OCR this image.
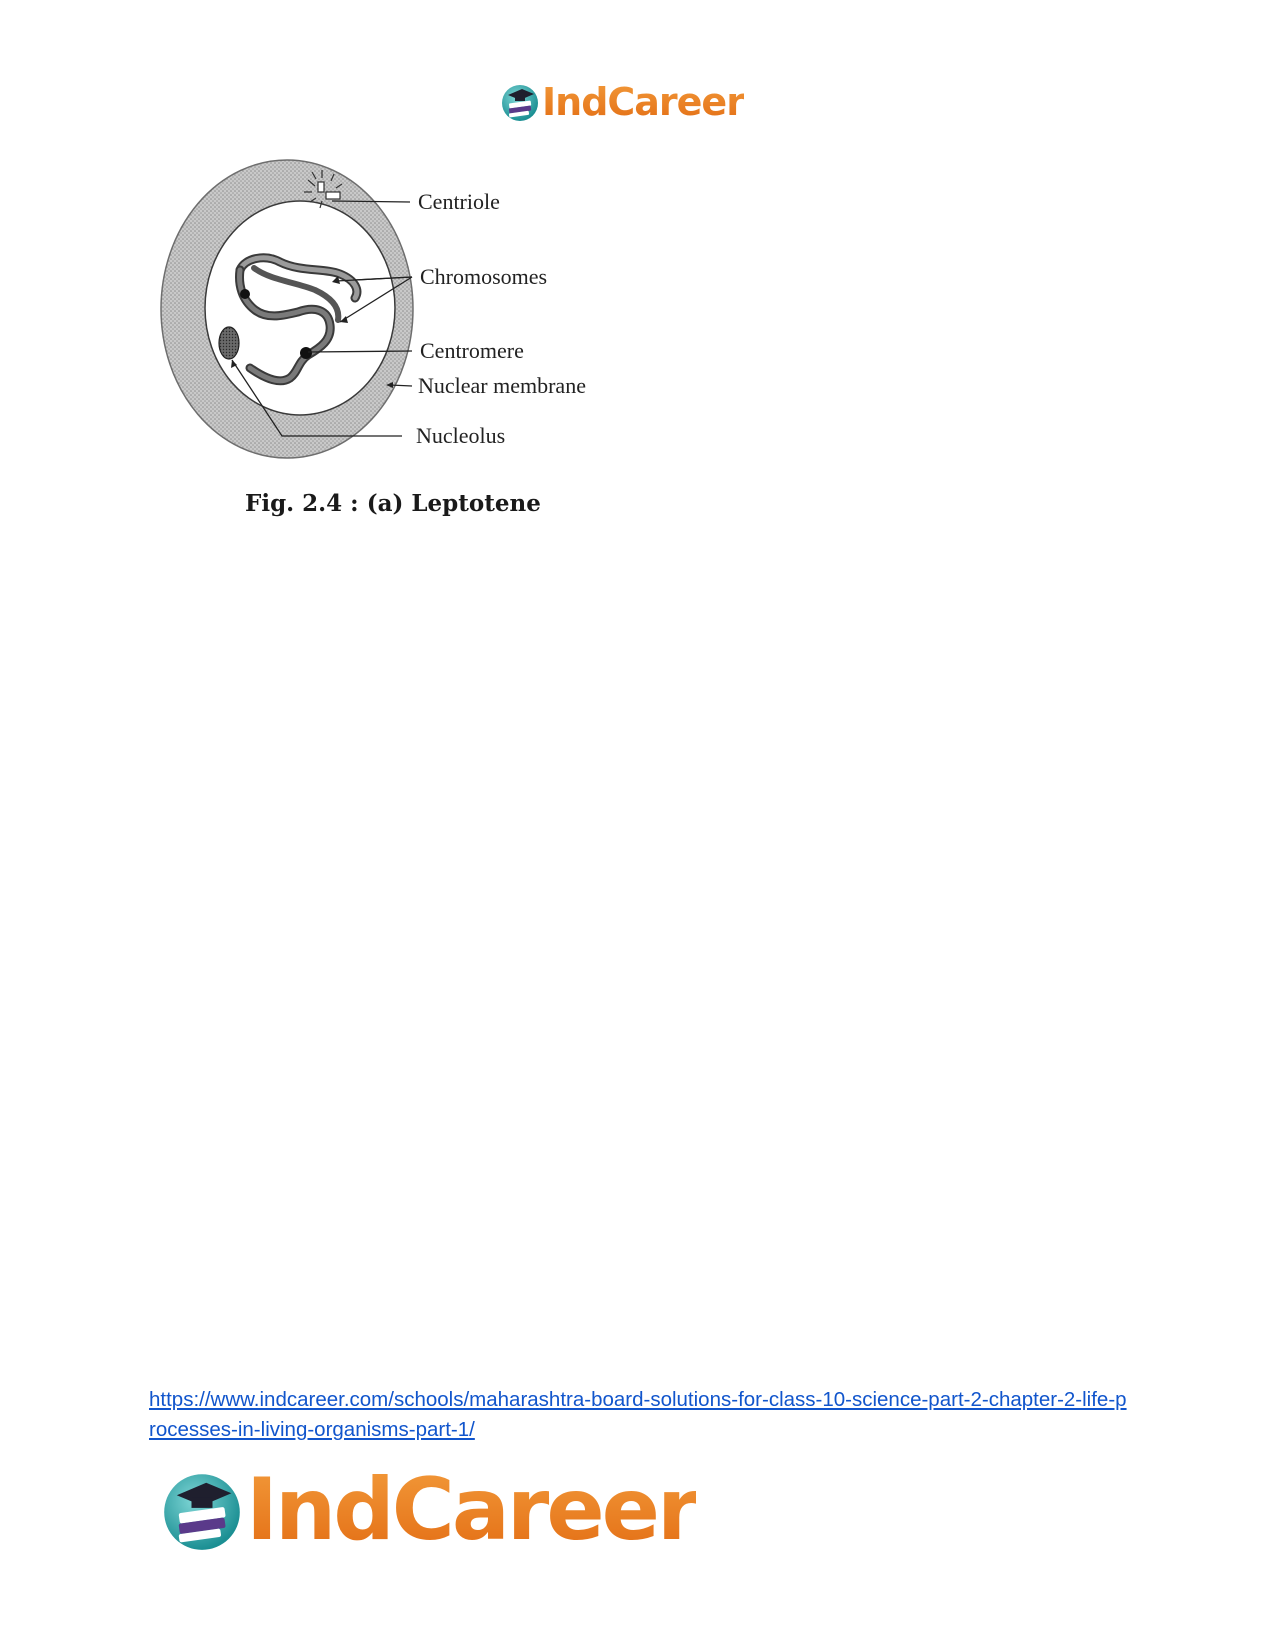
IndCareer
Centriole
Chromosomes
Centromere
Nuclear membrane
Nucleolus
Fig. 2.4 : (a) Leptotene
https://www.indcareer.com/schools/maharashtra-board-solutions-for-class-10-science-part-2-chapter-2-life-processes-in-living-organisms-part-1/
IndCareer
